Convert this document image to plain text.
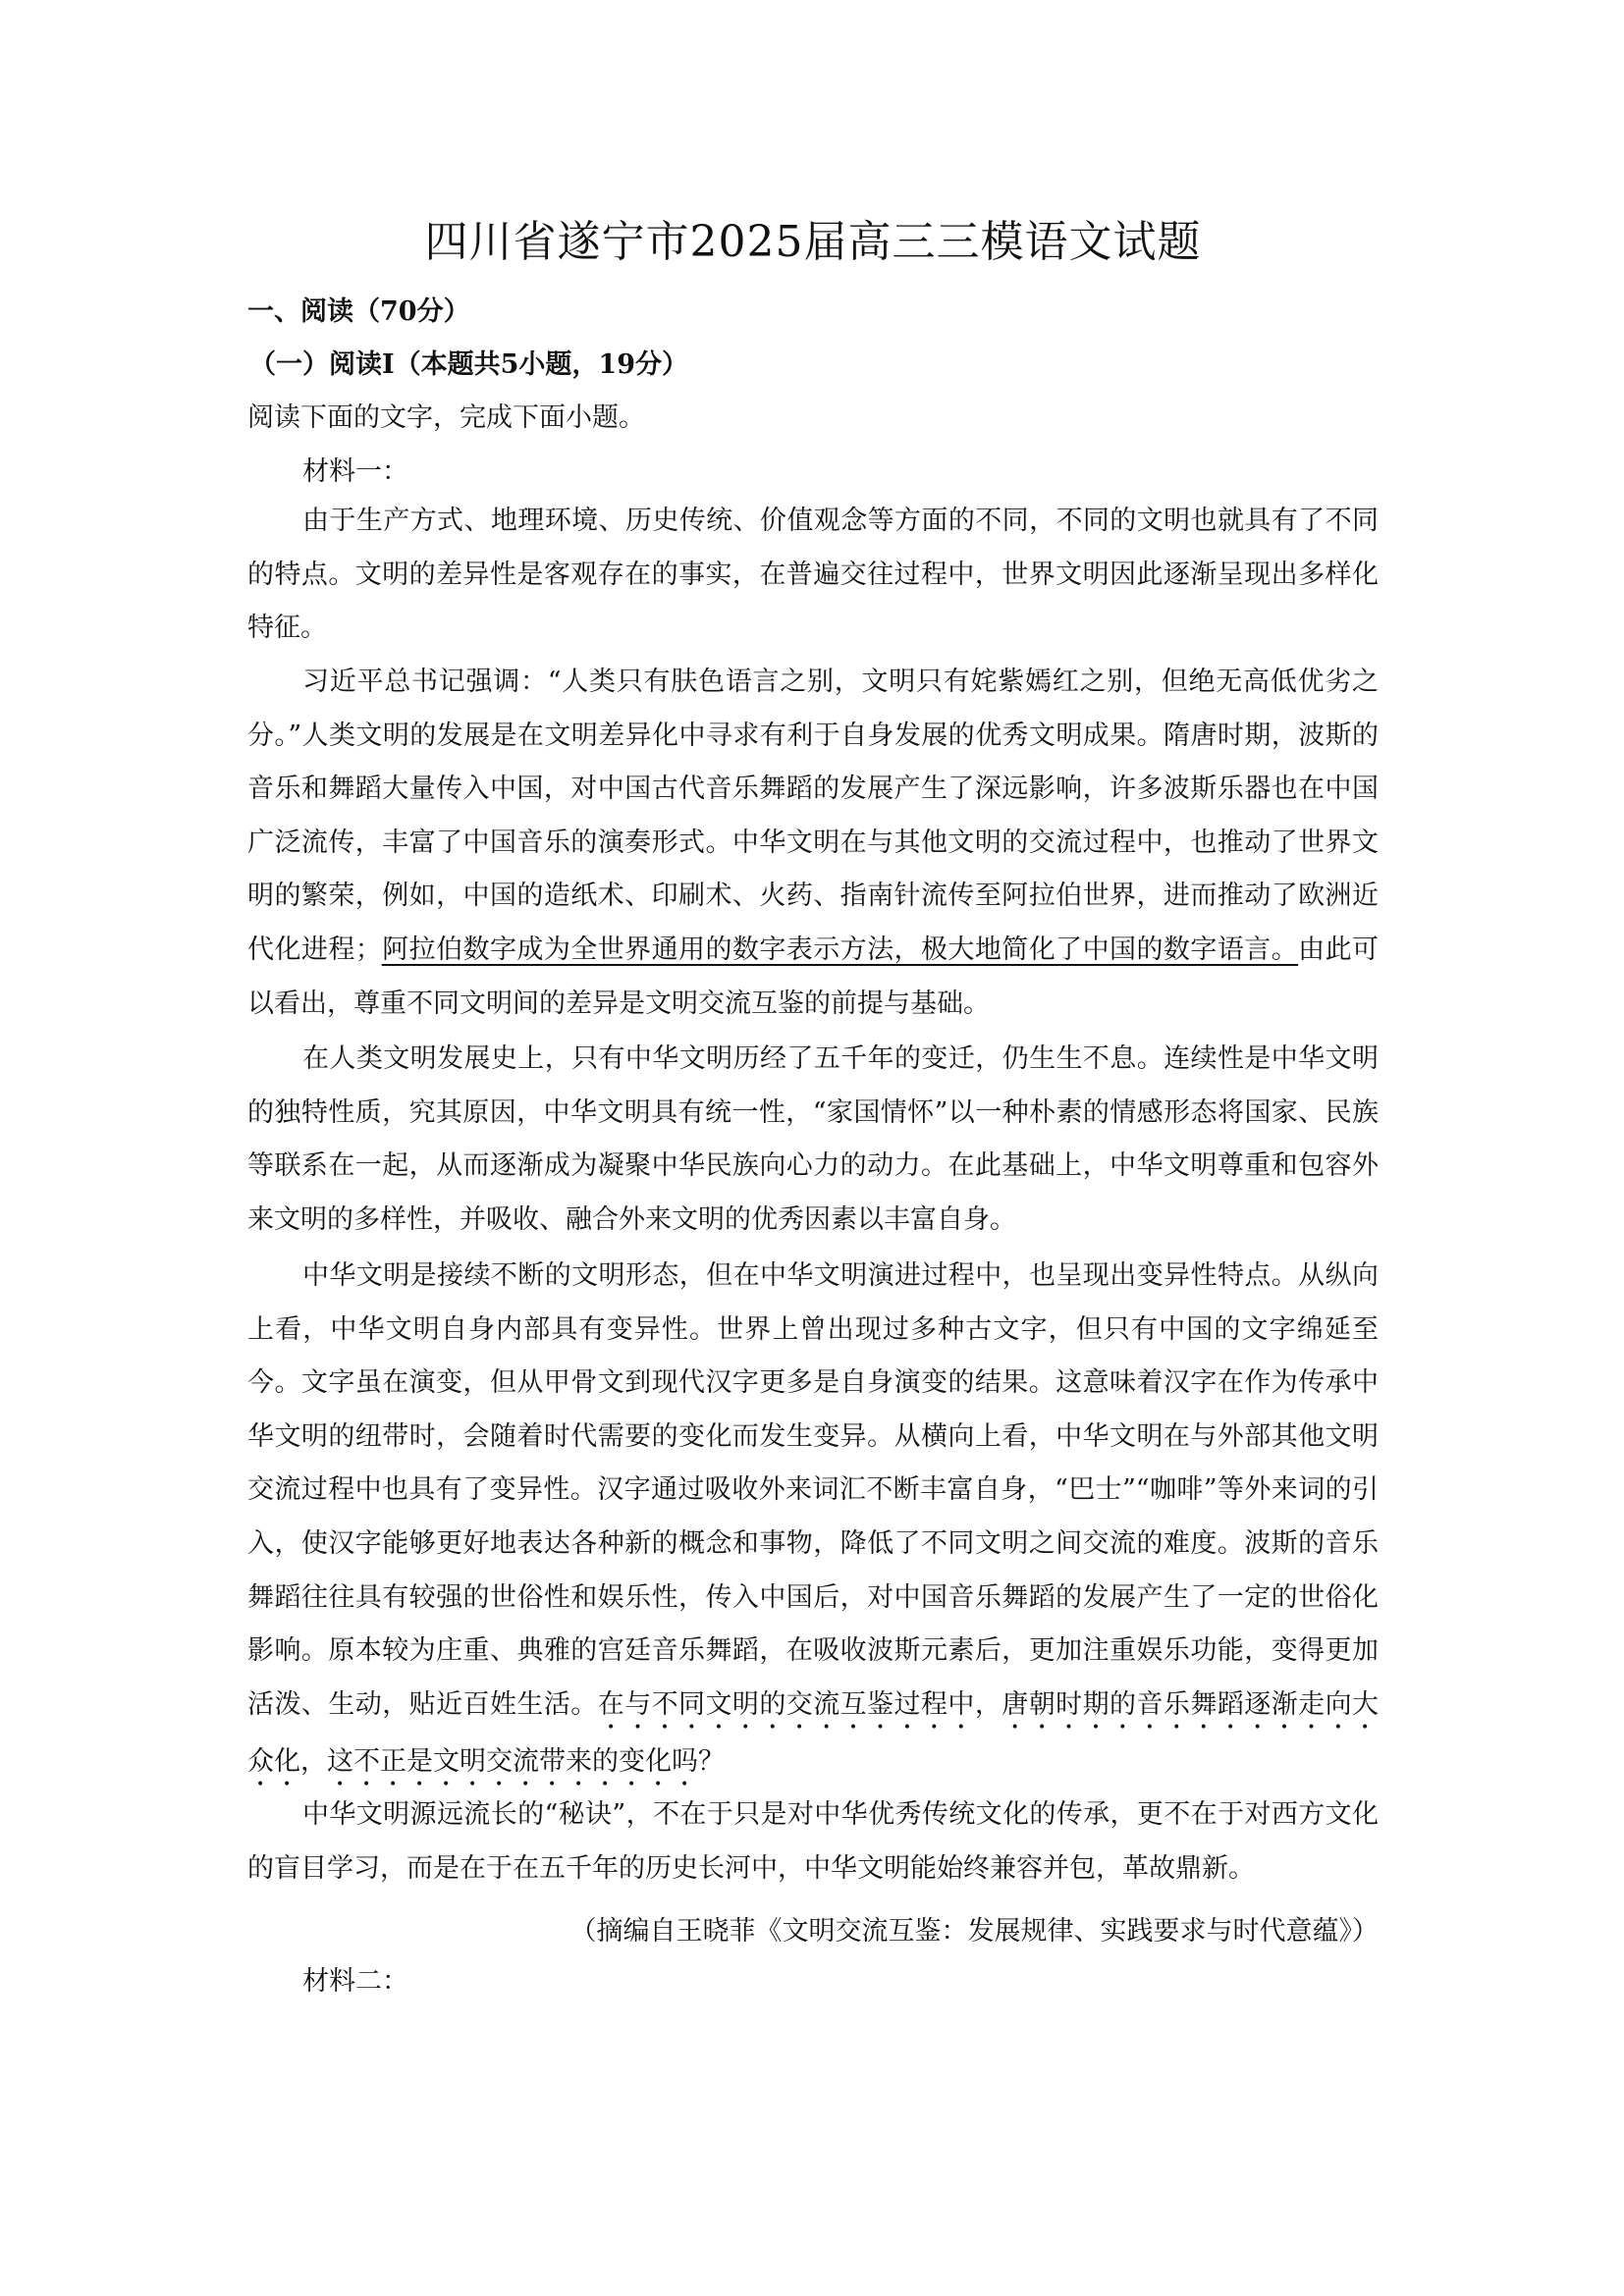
四川省遂宁市2025届高三三模语文试题
一、阅读（70分）
（一）阅读Ⅰ（本题共5小题，19分）
阅读下面的文字，完成下面小题。
材料一：

由于生产方式、地理环境、历史传统、价值观念等方面的不同，不同的文明也就具有了不同的特点。文明的差异性是客观存在的事实，在普遍交往过程中，世界文明因此逐渐呈现出多样化特征。

习近平总书记强调：“人类只有肤色语言之别，文明只有姹紫嫣红之别，但绝无高低优劣之分。”人类文明的发展是在文明差异化中寻求有利于自身发展的优秀文明成果。隋唐时期，波斯的音乐和舞蹈大量传入中国，对中国古代音乐舞蹈的发展产生了深远影响，许多波斯乐器也在中国广泛流传，丰富了中国音乐的演奏形式。中华文明在与其他文明的交流过程中，也推动了世界文明的繁荣，例如，中国的造纸术、印刷术、火药、指南针流传至阿拉伯世界，进而推动了欧洲近代化进程；阿拉伯数字成为全世界通用的数字表示方法，极大地简化了中国的数字语言。由此可以看出，尊重不同文明间的差异是文明交流互鉴的前提与基础。

在人类文明发展史上，只有中华文明历经了五千年的变迁，仍生生不息。连续性是中华文明的独特性质，究其原因，中华文明具有统一性，“家国情怀”以一种朴素的情感形态将国家、民族等联系在一起，从而逐渐成为凝聚中华民族向心力的动力。在此基础上，中华文明尊重和包容外来文明的多样性，并吸收、融合外来文明的优秀因素以丰富自身。

中华文明是接续不断的文明形态，但在中华文明演进过程中，也呈现出变异性特点。从纵向上看，中华文明自身内部具有变异性。世界上曾出现过多种古文字，但只有中国的文字绵延至今。文字虽在演变，但从甲骨文到现代汉字更多是自身演变的结果。这意味着汉字在作为传承中华文明的纽带时，会随着时代需要的变化而发生变异。从横向上看，中华文明在与外部其他文明交流过程中也具有了变异性。汉字通过吸收外来词汇不断丰富自身，“巴士”“咖啡”等外来词的引入，使汉字能够更好地表达各种新的概念和事物，降低了不同文明之间交流的难度。波斯的音乐舞蹈往往具有较强的世俗性和娱乐性，传入中国后，对中国音乐舞蹈的发展产生了一定的世俗化影响。原本较为庄重、典雅的宫廷音乐舞蹈，在吸收波斯元素后，更加注重娱乐功能，变得更加活泼、生动，贴近百姓生活。在与不同文明的交流互鉴过程中，唐朝时期的音乐舞蹈逐渐走向大众化，这不正是文明交流带来的变化吗？

中华文明源远流长的“秘诀”，不在于只是对中华优秀传统文化的传承，更不在于对西方文化的盲目学习，而是在于在五千年的历史长河中，中华文明能始终兼容并包，革故鼎新。

（摘编自王晓菲《文明交流互鉴：发展规律、实践要求与时代意蕴》）
材料二：
